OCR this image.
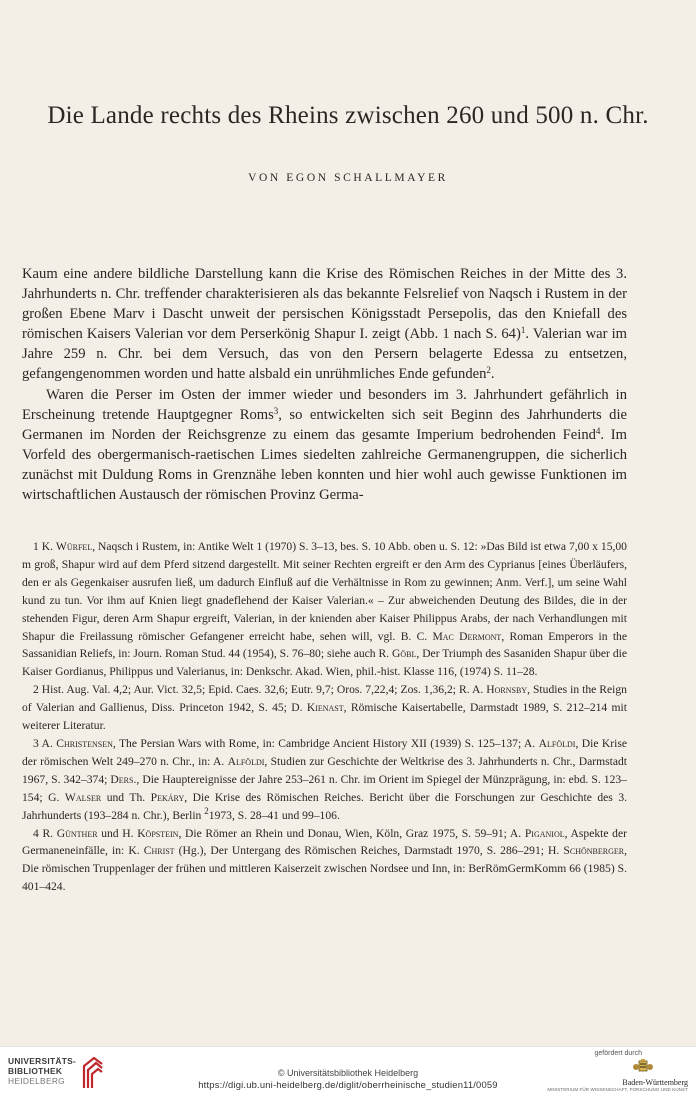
Die Lande rechts des Rheins zwischen 260 und 500 n. Chr.
VON EGON SCHALLMAYER

Kaum eine andere bildliche Darstellung kann die Krise des Römischen Reiches in der Mitte des 3. Jahrhunderts n. Chr. treffender charakterisieren als das bekannte Felsrelief von Naqsch i Rustem in der großen Ebene Marv i Dascht unweit der persischen Königsstadt Persepolis, das den Kniefall des römischen Kaisers Valerian vor dem Perserkönig Shapur I. zeigt (Abb. 1 nach S. 64)$^1$. Valerian war im Jahre 259 n. Chr. bei dem Versuch, das von den Persern belagerte Edessa zu entsetzen, gefangengenommen worden und hatte alsbald ein unrühmliches Ende gefunden$^2$.

Waren die Perser im Osten der immer wieder und besonders im 3. Jahrhundert gefährlich in Erscheinung tretende Hauptgegner Roms$^3$, so entwickelten sich seit Beginn des Jahrhunderts die Germanen im Norden der Reichsgrenze zu einem das gesamte Imperium bedrohenden Feind$^4$. Im Vorfeld des obergermanisch-raetischen Limes siedelten zahlreiche Germanengruppen, die sicherlich zunächst mit Duldung Roms in Grenznähe leben konnten und hier wohl auch gewisse Funktionen im wirtschaftlichen Austausch der römischen Provinz Germa-

1 K. Würfel, Naqsch i Rustem, in: Antike Welt 1 (1970) S. 3–13, bes. S. 10 Abb. oben u. S. 12: »Das Bild ist etwa 7,00 x 15,00 m groß, Shapur wird auf dem Pferd sitzend dargestellt. Mit seiner Rechten ergreift er den Arm des Cyprianus [eines Überläufers, den er als Gegenkaiser ausrufen ließ, um dadurch Einfluß auf die Verhältnisse in Rom zu gewinnen; Anm. Verf.], um seine Wahl kund zu tun. Vor ihm auf Knien liegt gnadeflehend der Kaiser Valerian.« – Zur abweichenden Deutung des Bildes, die in der stehenden Figur, deren Arm Shapur ergreift, Valerian, in der knienden aber Kaiser Philippus Arabs, der nach Verhandlungen mit Shapur die Freilassung römischer Gefangener erreicht habe, sehen will, vgl. B. C. Mac Dermont, Roman Emperors in the Sassanidian Reliefs, in: Journ. Roman Stud. 44 (1954), S. 76–80; siehe auch R. Göbl, Der Triumph des Sasaniden Shapur über die Kaiser Gordianus, Philippus und Valerianus, in: Denkschr. Akad. Wien, phil.-hist. Klasse 116, (1974) S. 11–28.

2 Hist. Aug. Val. 4,2; Aur. Vict. 32,5; Epid. Caes. 32,6; Eutr. 9,7; Oros. 7,22,4; Zos. 1,36,2; R. A. Hornsby, Studies in the Reign of Valerian and Gallienus, Diss. Princeton 1942, S. 45; D. Kienast, Römische Kaisertabelle, Darmstadt 1989, S. 212–214 mit weiterer Literatur.

3 A. Christensen, The Persian Wars with Rome, in: Cambridge Ancient History XII (1939) S. 125–137; A. Alföldi, Die Krise der römischen Welt 249–270 n. Chr., in: A. Alföldi, Studien zur Geschichte der Weltkrise des 3. Jahrhunderts n. Chr., Darmstadt 1967, S. 342–374; Ders., Die Hauptereignisse der Jahre 253–261 n. Chr. im Orient im Spiegel der Münzprägung, in: ebd. S. 123–154; G. Walser und Th. Pekáry, Die Krise des Römischen Reiches. Bericht über die Forschungen zur Geschichte des 3. Jahrhunderts (193–284 n. Chr.), Berlin $^2$1973, S. 28–41 und 99–106.

4 R. Günther und H. Köpstein, Die Römer an Rhein und Donau, Wien, Köln, Graz 1975, S. 59–91; A. Piganiol, Aspekte der Germaneneinfälle, in: K. Christ (Hg.), Der Untergang des Römischen Reiches, Darmstadt 1970, S. 286–291; H. Schönberger, Die römischen Truppenlager der frühen und mittleren Kaiserzeit zwischen Nordsee und Inn, in: BerRömGermKomm 66 (1985) S. 401–424.

UNIVERSITÄTS-
BIBLIOTHEK
HEIDELBERG
© Universitätsbibliothek Heidelberg
https://digi.ub.uni-heidelberg.de/diglit/oberrheinische_studien11/0059
gefördert durch
Baden-Württemberg
MINISTERIUM FÜR WISSENSCHAFT, FORSCHUNG UND KUNST
